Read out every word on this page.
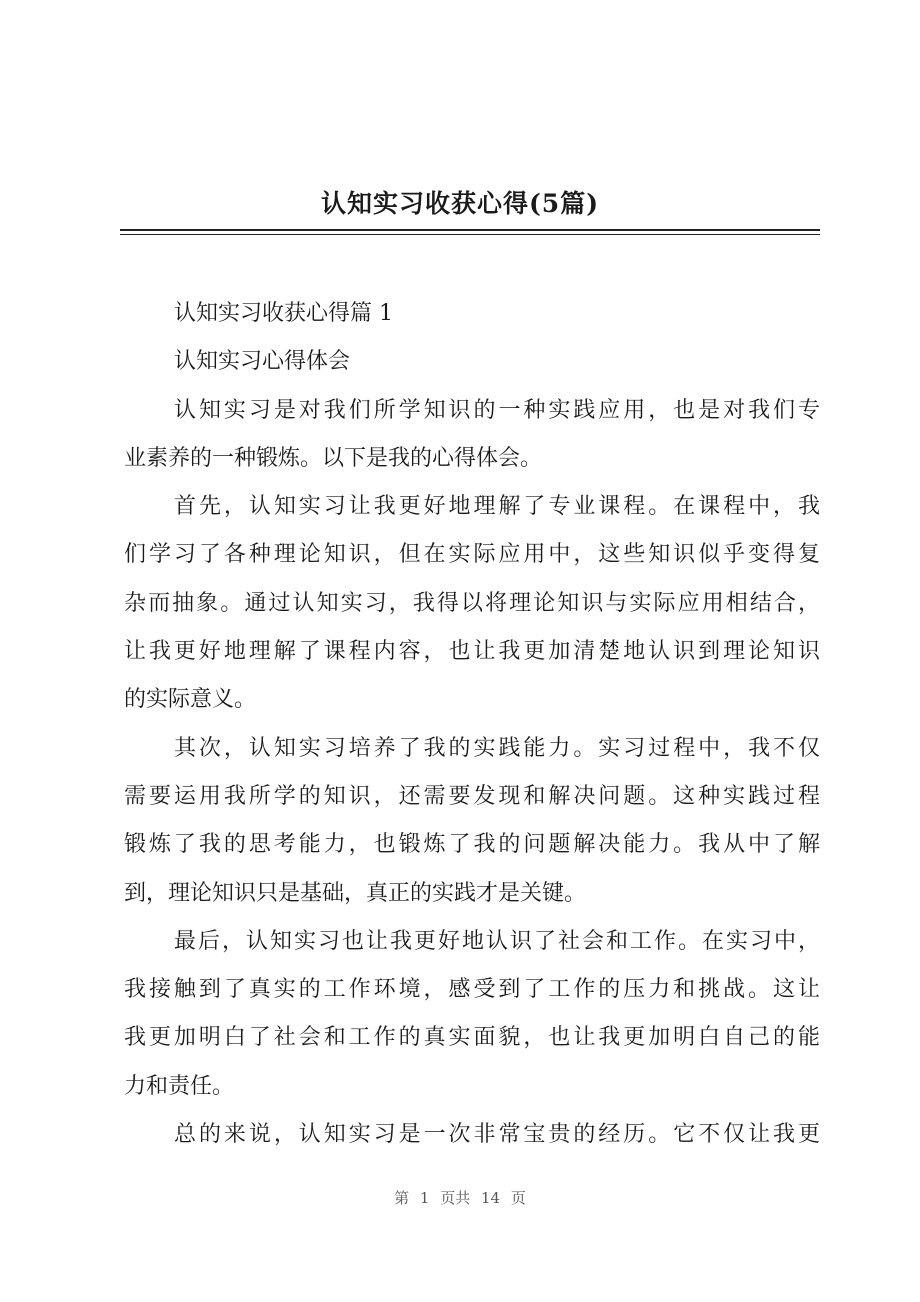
认知实习收获心得(5篇)
认知实习收获心得篇 1
认知实习心得体会
认知实习是对我们所学知识的一种实践应用，也是对我们专
业素养的一种锻炼。以下是我的心得体会。
首先，认知实习让我更好地理解了专业课程。在课程中，我
们学习了各种理论知识，但在实际应用中，这些知识似乎变得复
杂而抽象。通过认知实习，我得以将理论知识与实际应用相结合，
让我更好地理解了课程内容，也让我更加清楚地认识到理论知识
的实际意义。
其次，认知实习培养了我的实践能力。实习过程中，我不仅
需要运用我所学的知识，还需要发现和解决问题。这种实践过程
锻炼了我的思考能力，也锻炼了我的问题解决能力。我从中了解
到，理论知识只是基础，真正的实践才是关键。
最后，认知实习也让我更好地认识了社会和工作。在实习中，
我接触到了真实的工作环境，感受到了工作的压力和挑战。这让
我更加明白了社会和工作的真实面貌，也让我更加明白自己的能
力和责任。
总的来说，认知实习是一次非常宝贵的经历。它不仅让我更
第 1 页共 14 页
